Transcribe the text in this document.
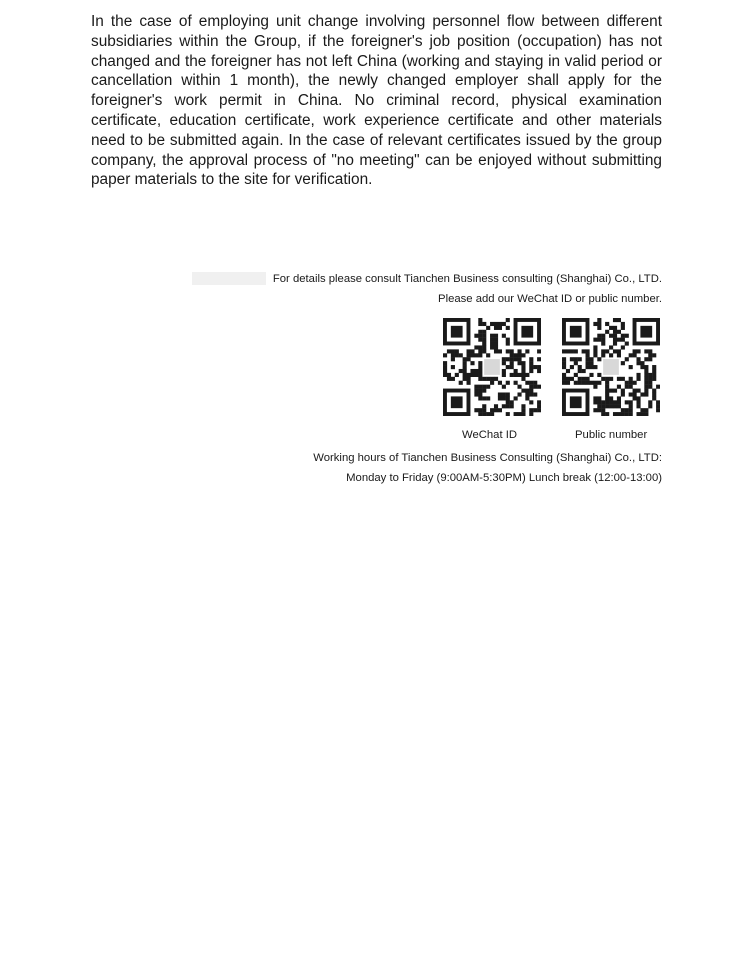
In the case of employing unit change involving personnel flow between different subsidiaries within the Group, if the foreigner's job position (occupation) has not changed and the foreigner has not left China (working and staying in valid period or cancellation within 1 month), the newly changed employer shall apply for the foreigner's work permit in China. No criminal record, physical examination certificate, education certificate, work experience certificate and other materials need to be submitted again. In the case of relevant certificates issued by the group company, the approval process of "no meeting" can be enjoyed without submitting paper materials to the site for verification.

For details please consult Tianchen Business consulting (Shanghai) Co., LTD.
Please add our WeChat ID or public number.
WeChat ID	Public number
Working hours of Tianchen Business Consulting (Shanghai) Co., LTD:
Monday to Friday (9:00AM-5:30PM) Lunch break (12:00-13:00)
